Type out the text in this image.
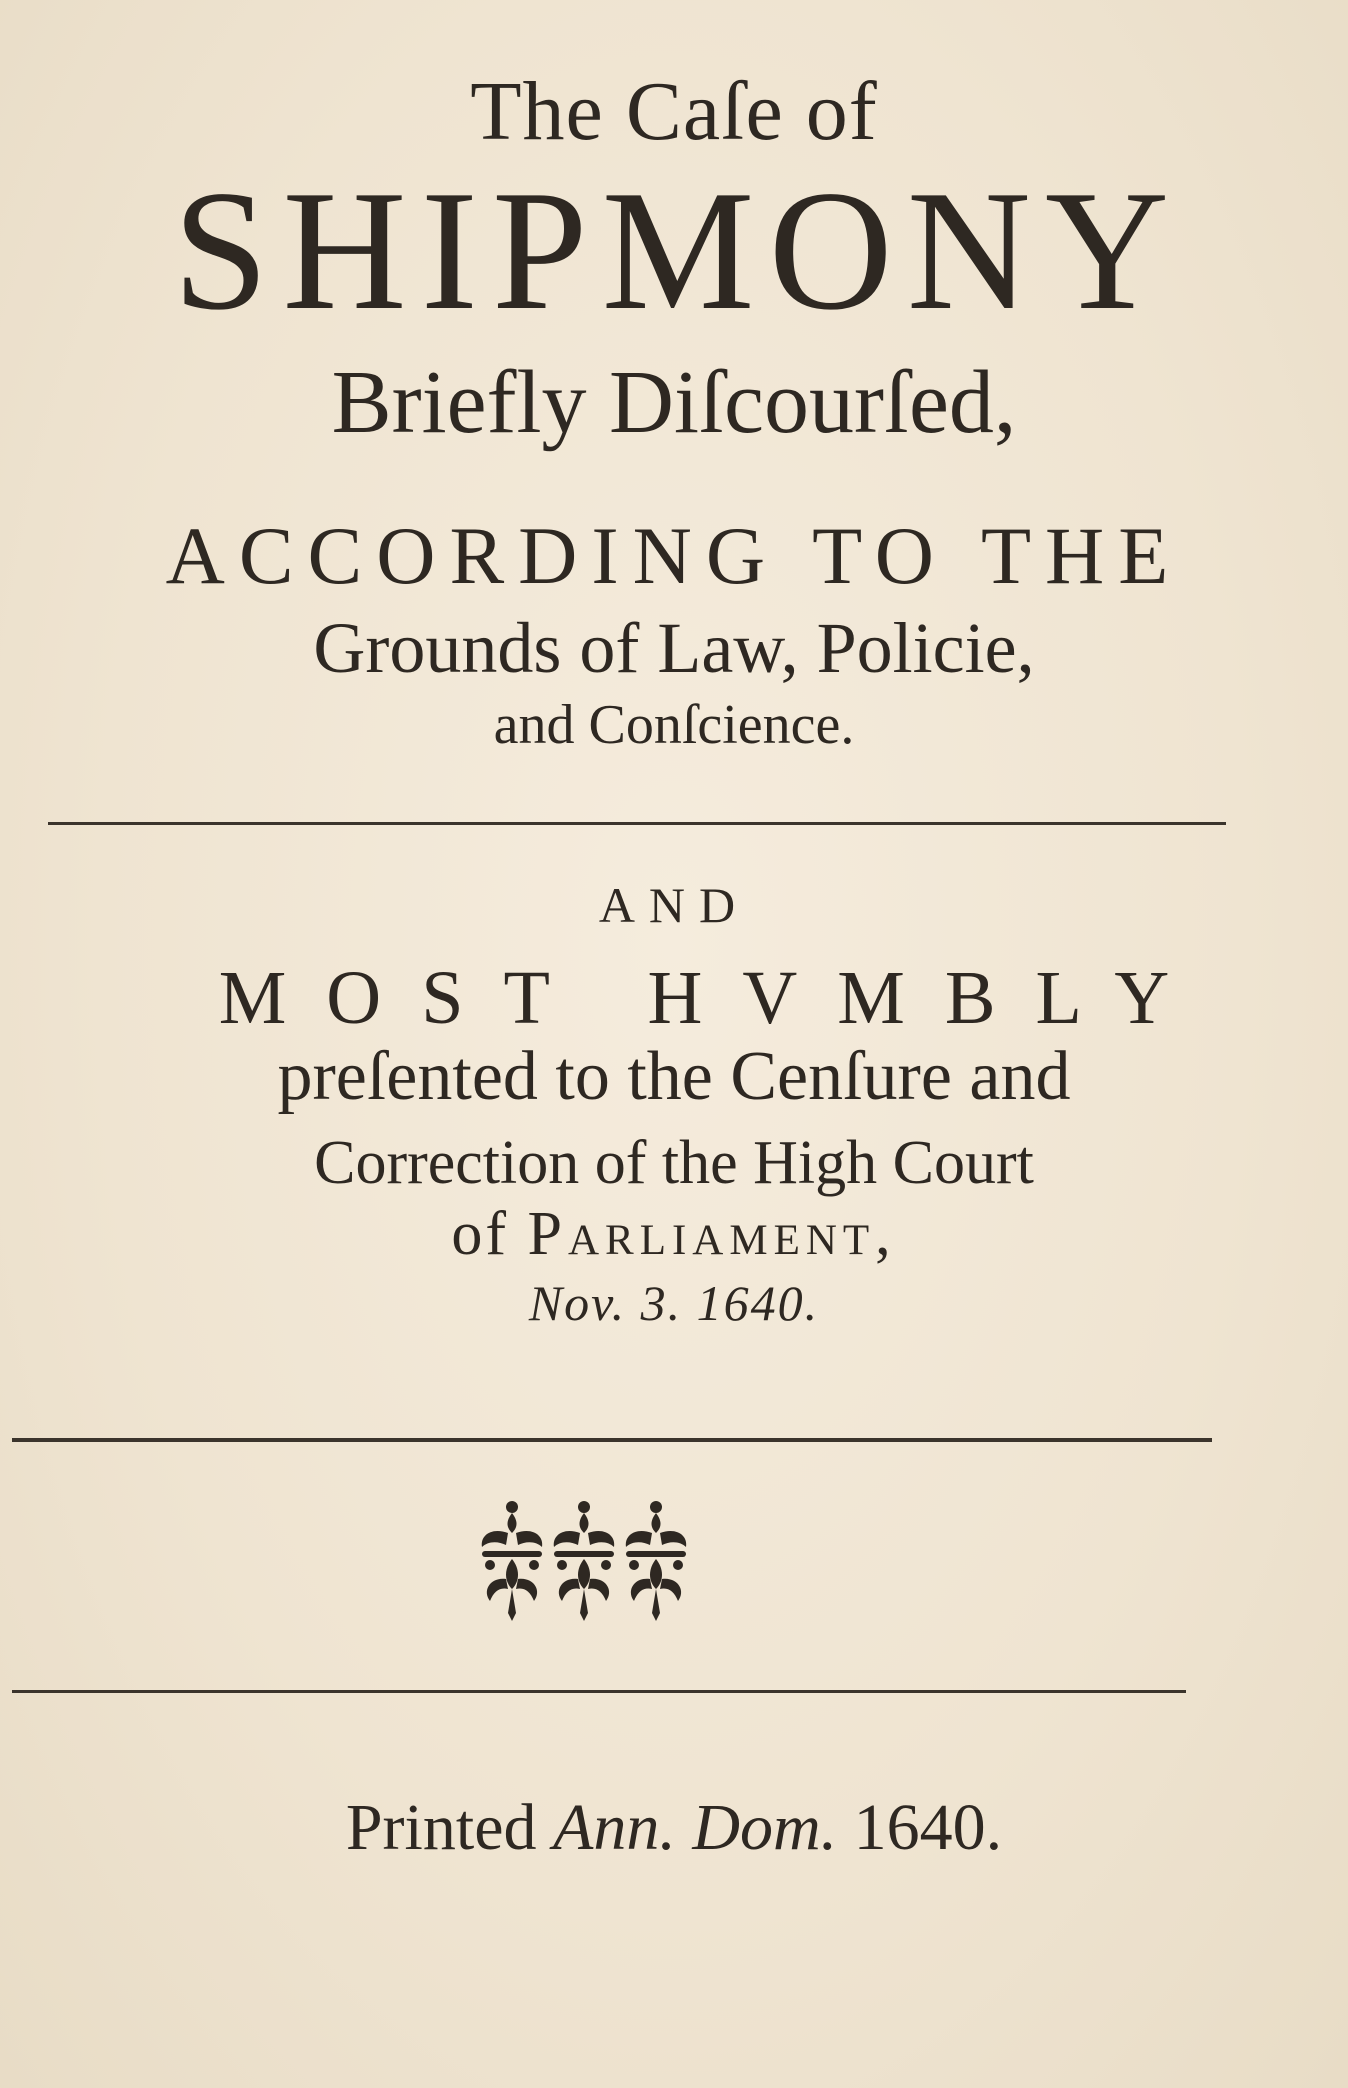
The Caſe of
SHIPMONY
Briefly Diſcourſed,
ACCORDING TO THE
Grounds of Law, Policie,
and Conſcience.
AND
MOST HVMBLY
preſented to the Cenſure and
Correction of the High Court
of Parliament,
Nov. 3. 1640.
Printed Ann. Dom. 1640.
